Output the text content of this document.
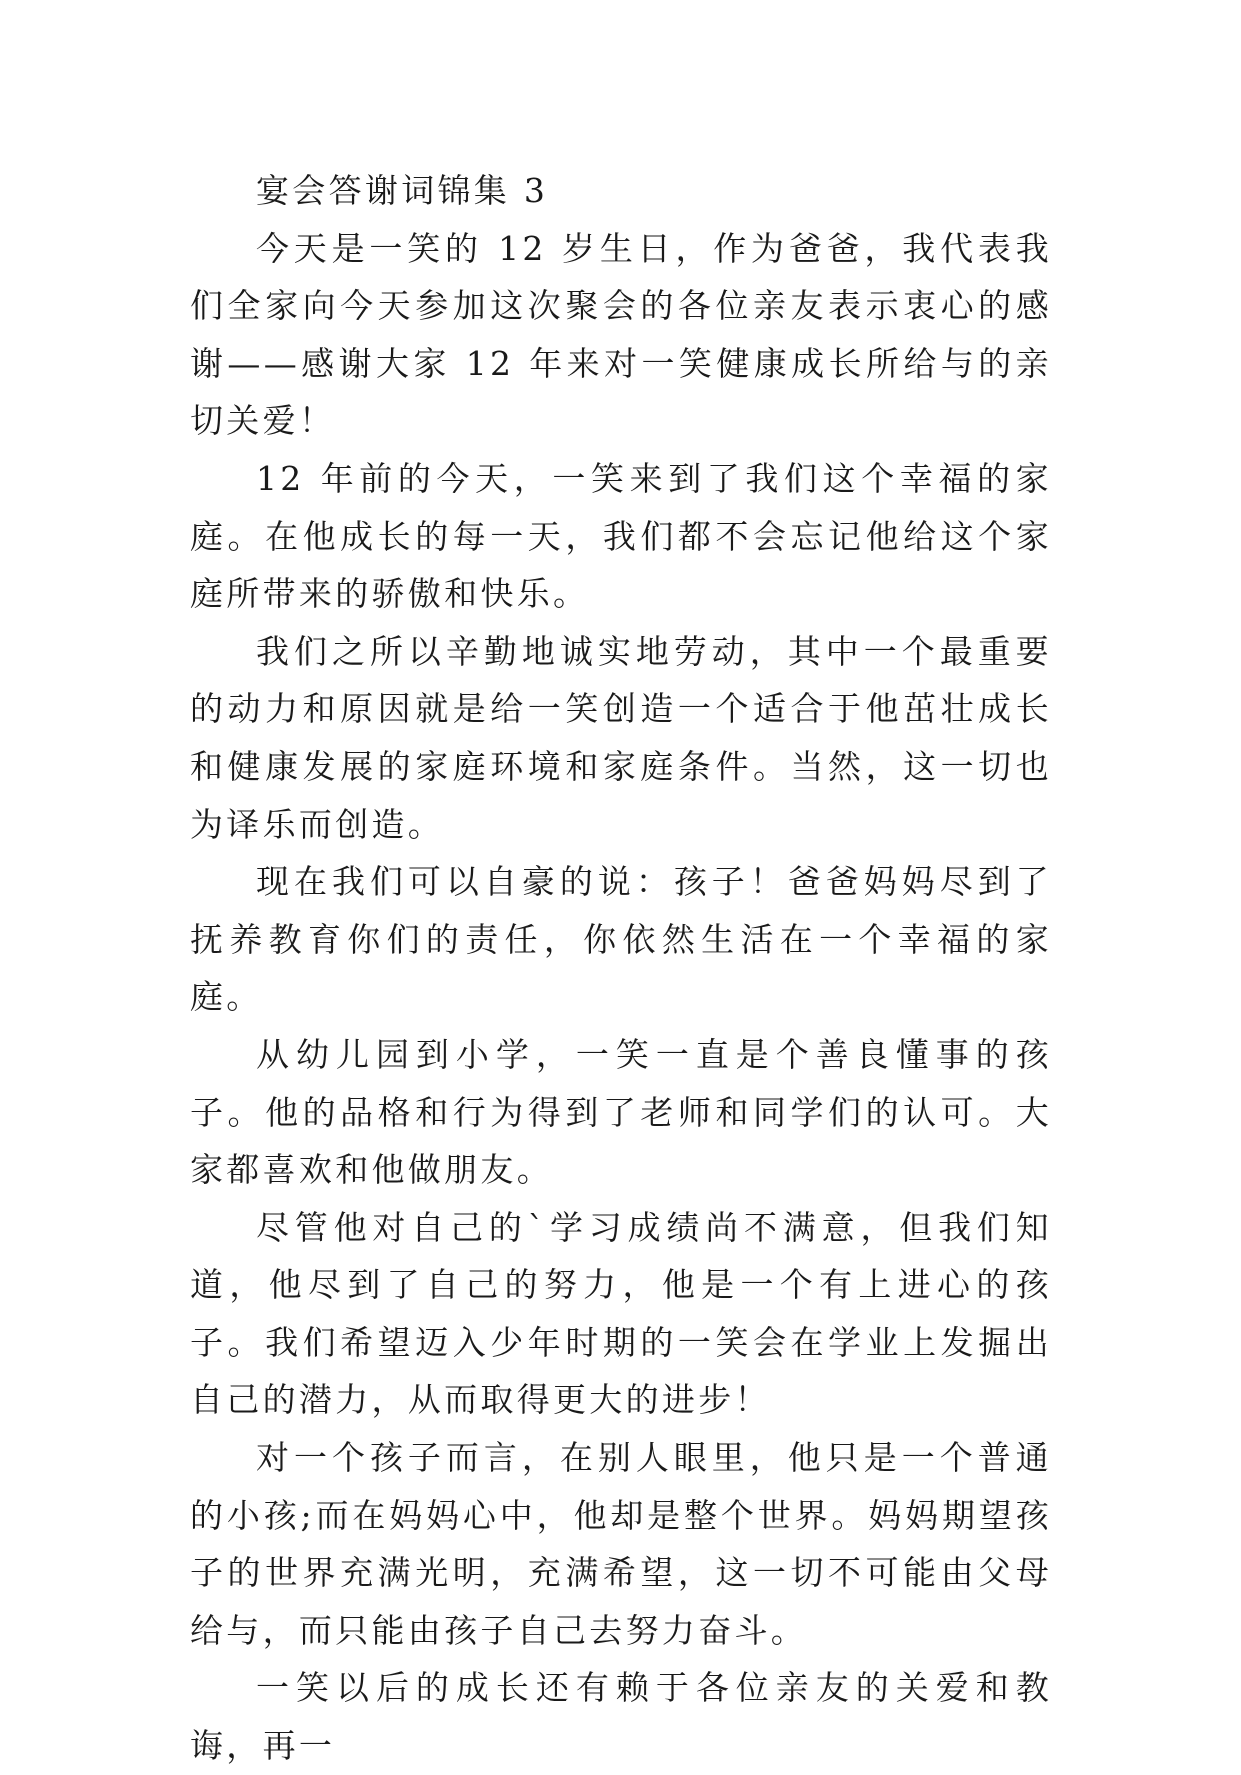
宴会答谢词锦集 3

今天是一笑的 12 岁生日，作为爸爸，我代表我们全家向今天参加这次聚会的各位亲友表示衷心的感谢——感谢大家 12 年来对一笑健康成长所给与的亲切关爱！

12 年前的今天，一笑来到了我们这个幸福的家庭。在他成长的每一天，我们都不会忘记他给这个家庭所带来的骄傲和快乐。

我们之所以辛勤地诚实地劳动，其中一个最重要的动力和原因就是给一笑创造一个适合于他茁壮成长和健康发展的家庭环境和家庭条件。当然，这一切也为译乐而创造。

现在我们可以自豪的说：孩子！爸爸妈妈尽到了抚养教育你们的责任，你依然生活在一个幸福的家庭。

从幼儿园到小学，一笑一直是个善良懂事的孩子。他的品格和行为得到了老师和同学们的认可。大家都喜欢和他做朋友。

尽管他对自己的`学习成绩尚不满意，但我们知道，他尽到了自己的努力，他是一个有上进心的孩子。我们希望迈入少年时期的一笑会在学业上发掘出自己的潜力，从而取得更大的进步！

对一个孩子而言，在别人眼里，他只是一个普通的小孩;而在妈妈心中，他却是整个世界。妈妈期望孩子的世界充满光明，充满希望，这一切不可能由父母给与，而只能由孩子自己去努力奋斗。

一笑以后的成长还有赖于各位亲友的关爱和教诲，再一
